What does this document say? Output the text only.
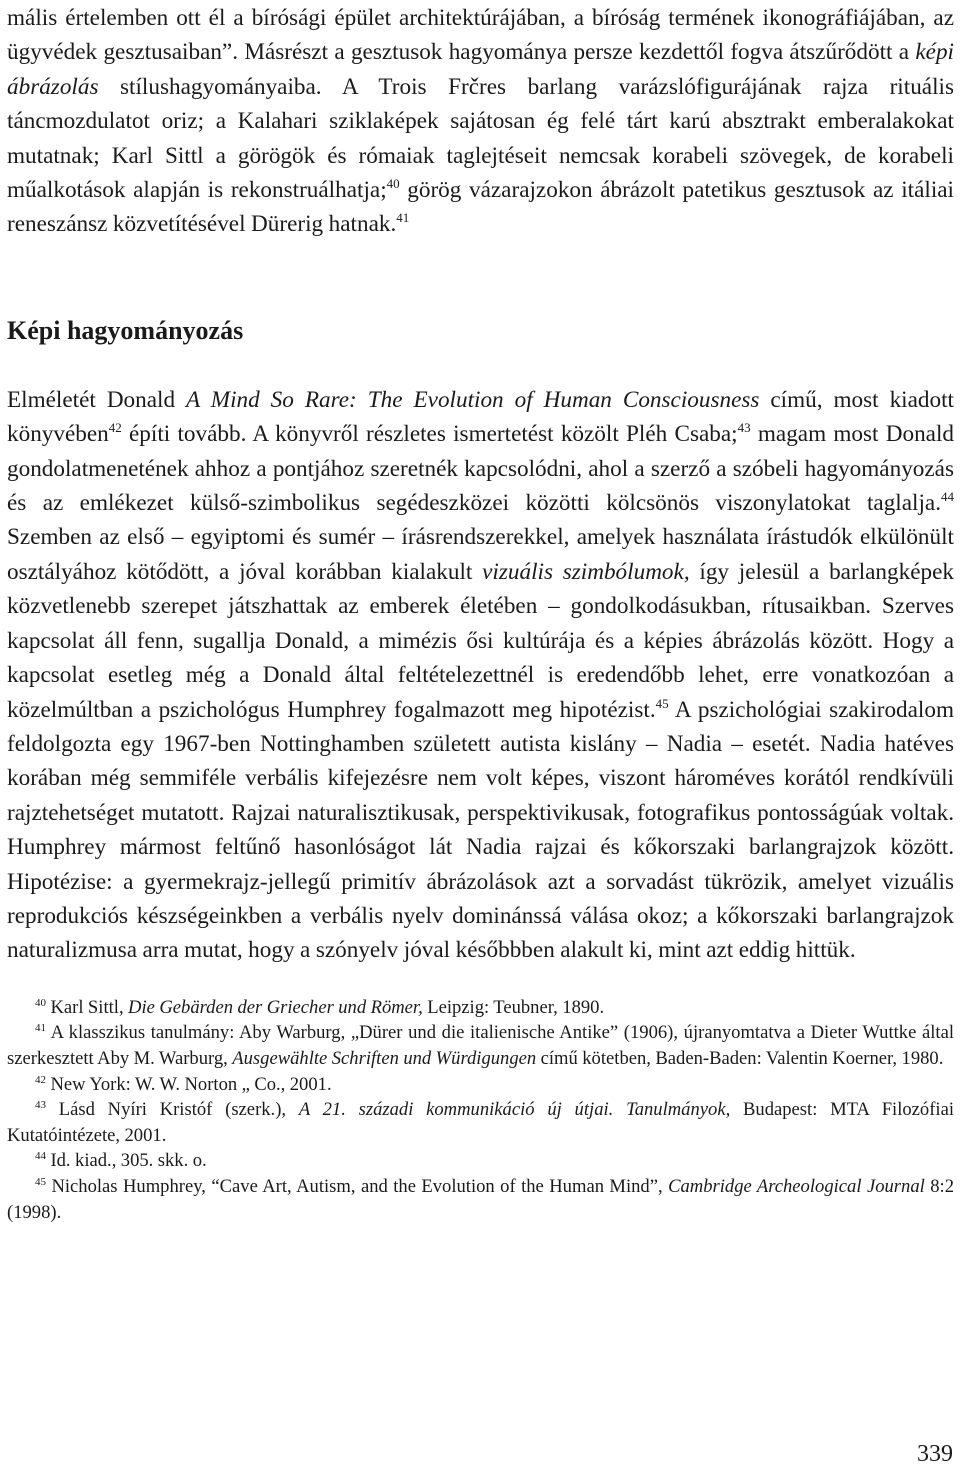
mális értelemben ott él a bírósági épület architektúrájában, a bíróság termének ikonográfiájában, az ügyvédek gesztusaiban”. Másrészt a gesztusok hagyománya persze kezdettől fogva átszűrődött a képi ábrázolás stílushagyományaiba. A Trois Frčres barlang varázslófigurájának rajza rituális táncmozdulatot oriz; a Kalahari sziklaképek sajátosan ég felé tárt karú absztrakt emberalakokat mutatnak; Karl Sittl a görögök és rómaiak taglejtéseit nemcsak korabeli szövegek, de korabeli műalkotások alapján is rekonstruálhatja;$^{40}$ görög vázarajzokon ábrázolt patetikus gesztusok az itáliai reneszánsz közvetítésével Dürerig hatnak.$^{41}$

Képi hagyományozás

Elméletét Donald A Mind So Rare: The Evolution of Human Consciousness című, most kiadott könyvében$^{42}$ építi tovább. A könyvről részletes ismertetést közölt Pléh Csaba;$^{43}$ magam most Donald gondolatmenetének ahhoz a pontjához szeretnék kapcsolódni, ahol a szerző a szóbeli hagyományozás és az emlékezet külső-szimbolikus segédeszközei közötti kölcsönös viszonylatokat taglalja.$^{44}$ Szemben az első – egyiptomi és sumér – írásrendszerekkel, amelyek használata írástudók elkülönült osztályához kötődött, a jóval korábban kialakult vizuális szimbólumok, így jelesül a barlangképek közvetlenebb szerepet játszhattak az emberek életében – gondolkodásukban, rítusaikban. Szerves kapcsolat áll fenn, sugallja Donald, a mimézis ősi kultúrája és a képies ábrázolás között. Hogy a kapcsolat esetleg még a Donald által feltételezettnél is eredendőbb lehet, erre vonatkozóan a közelmúltban a pszichológus Humphrey fogalmazott meg hipotézist.$^{45}$ A pszichológiai szakirodalom feldolgozta egy 1967-ben Nottinghamben született autista kislány – Nadia – esetét. Nadia hatéves korában még semmiféle verbális kifejezésre nem volt képes, viszont hároméves korától rendkívüli rajztehetséget mutatott. Rajzai naturalisztikusak, perspektivikusak, fotografikus pontosságúak voltak. Humphrey mármost feltűnő hasonlóságot lát Nadia rajzai és kőkorszaki barlangrajzok között. Hipotézise: a gyermekrajz-jellegű primitív ábrázolások azt a sorvadást tükrözik, amelyet vizuális reprodukciós készségeinkben a verbális nyelv dominánssá válása okoz; a kőkorszaki barlangrajzok naturalizmusa arra mutat, hogy a szónyelv jóval későbbben alakult ki, mint azt eddig hittük.

$^{40}$ Karl Sittl, Die Gebärden der Griecher und Römer, Leipzig: Teubner, 1890.

$^{41}$ A klasszikus tanulmány: Aby Warburg, „Dürer und die italienische Antike” (1906), újranyomtatva a Dieter Wuttke által szerkesztett Aby M. Warburg, Ausgewählte Schriften und Würdigungen című kötetben, Baden-Baden: Valentin Koerner, 1980.

$^{42}$ New York: W. W. Norton „ Co., 2001.

$^{43}$ Lásd Nyíri Kristóf (szerk.), A 21. századi kommunikáció új útjai. Tanulmányok, Budapest: MTA Filozófiai Kutatóintézete, 2001.

$^{44}$ Id. kiad., 305. skk. o.

$^{45}$ Nicholas Humphrey, “Cave Art, Autism, and the Evolution of the Human Mind”, Cambridge Archeological Journal 8:2 (1998).

339
